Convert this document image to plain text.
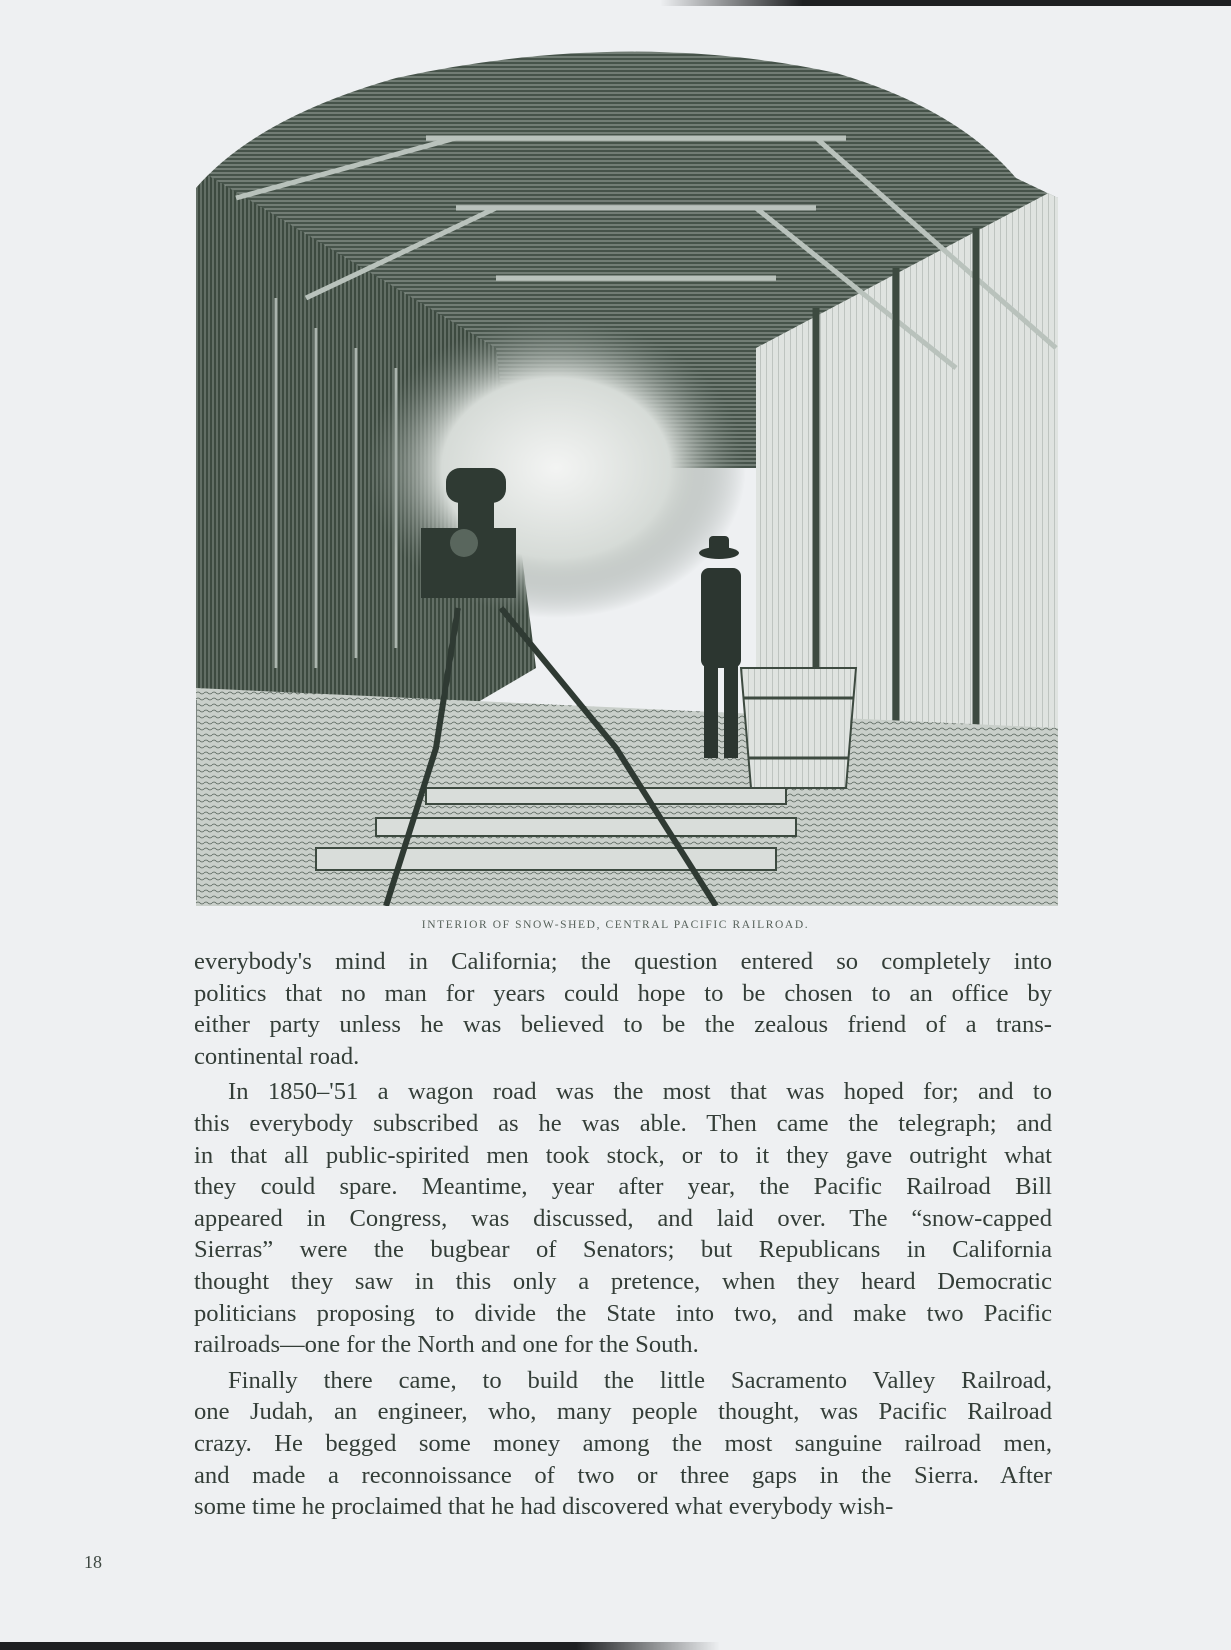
INTERIOR OF SNOW-SHED, CENTRAL PACIFIC RAILROAD.

everybody's mind in California; the question entered so completely into
politics that no man for years could hope to be chosen to an office by
either party unless he was believed to be the zealous friend of a trans-
continental road.

In 1850–'51 a wagon road was the most that was hoped for; and to
this everybody subscribed as he was able. Then came the telegraph; and
in that all public-spirited men took stock, or to it they gave outright what
they could spare. Meantime, year after year, the Pacific Railroad Bill
appeared in Congress, was discussed, and laid over. The “snow-capped
Sierras” were the bugbear of Senators; but Republicans in California
thought they saw in this only a pretence, when they heard Democratic
politicians proposing to divide the State into two, and make two Pacific
railroads—one for the North and one for the South.

Finally there came, to build the little Sacramento Valley Railroad,
one Judah, an engineer, who, many people thought, was Pacific Railroad
crazy. He begged some money among the most sanguine railroad men,
and made a reconnoissance of two or three gaps in the Sierra. After
some time he proclaimed that he had discovered what everybody wish-

18
